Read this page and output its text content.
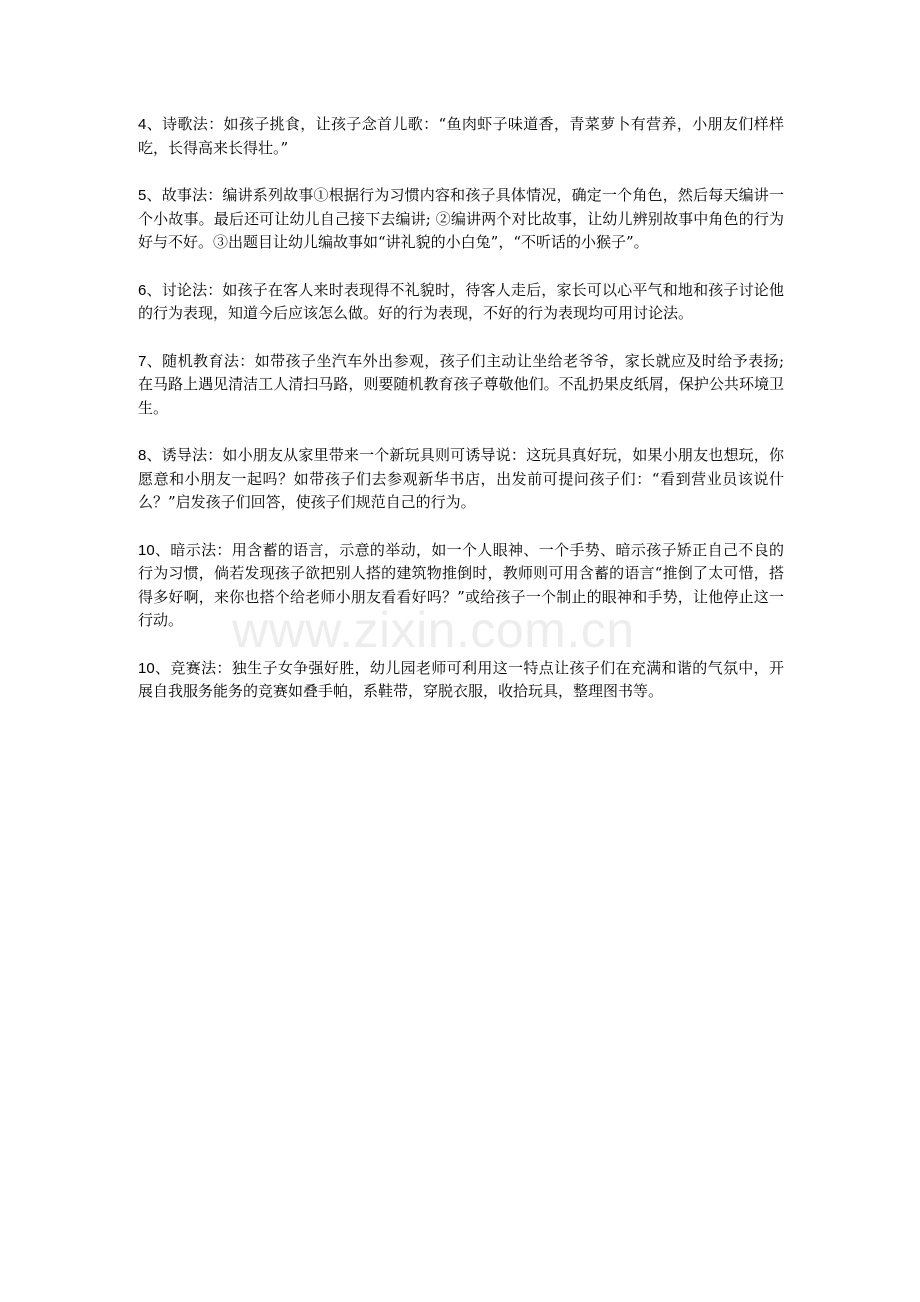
4、诗歌法：如孩子挑食，让孩子念首儿歌：“鱼肉虾子味道香，青菜萝卜有营养，小朋友们样样吃，长得高来长得壮。”

5、故事法：编讲系列故事①根据行为习惯内容和孩子具体情况，确定一个角色，然后每天编讲一个小故事。最后还可让幼儿自己接下去编讲; ②编讲两个对比故事，让幼儿辨别故事中角色的行为好与不好。③出题目让幼儿编故事如“讲礼貌的小白兔”，“不听话的小猴子”。

6、讨论法：如孩子在客人来时表现得不礼貌时，待客人走后，家长可以心平气和地和孩子讨论他的行为表现，知道今后应该怎么做。好的行为表现，不好的行为表现均可用讨论法。

7、随机教育法：如带孩子坐汽车外出参观，孩子们主动让坐给老爷爷，家长就应及时给予表扬; 在马路上遇见清洁工人清扫马路，则要随机教育孩子尊敬他们。不乱扔果皮纸屑，保护公共环境卫生。

8、诱导法：如小朋友从家里带来一个新玩具则可诱导说：这玩具真好玩，如果小朋友也想玩，你愿意和小朋友一起吗？如带孩子们去参观新华书店，出发前可提问孩子们：“看到营业员该说什么？”启发孩子们回答，使孩子们规范自己的行为。

10、暗示法：用含蓄的语言，示意的举动，如一个人眼神、一个手势、暗示孩子矫正自己不良的行为习惯，倘若发现孩子欲把别人搭的建筑物推倒时，教师则可用含蓄的语言“推倒了太可惜，搭得多好啊，来你也搭个给老师小朋友看看好吗？”或给孩子一个制止的眼神和手势，让他停止这一行动。

10、竞赛法：独生子女争强好胜，幼儿园老师可利用这一特点让孩子们在充满和谐的气氛中，开展自我服务能务的竞赛如叠手帕，系鞋带，穿脱衣服，收拾玩具，整理图书等。

www.zixin.com.cn
